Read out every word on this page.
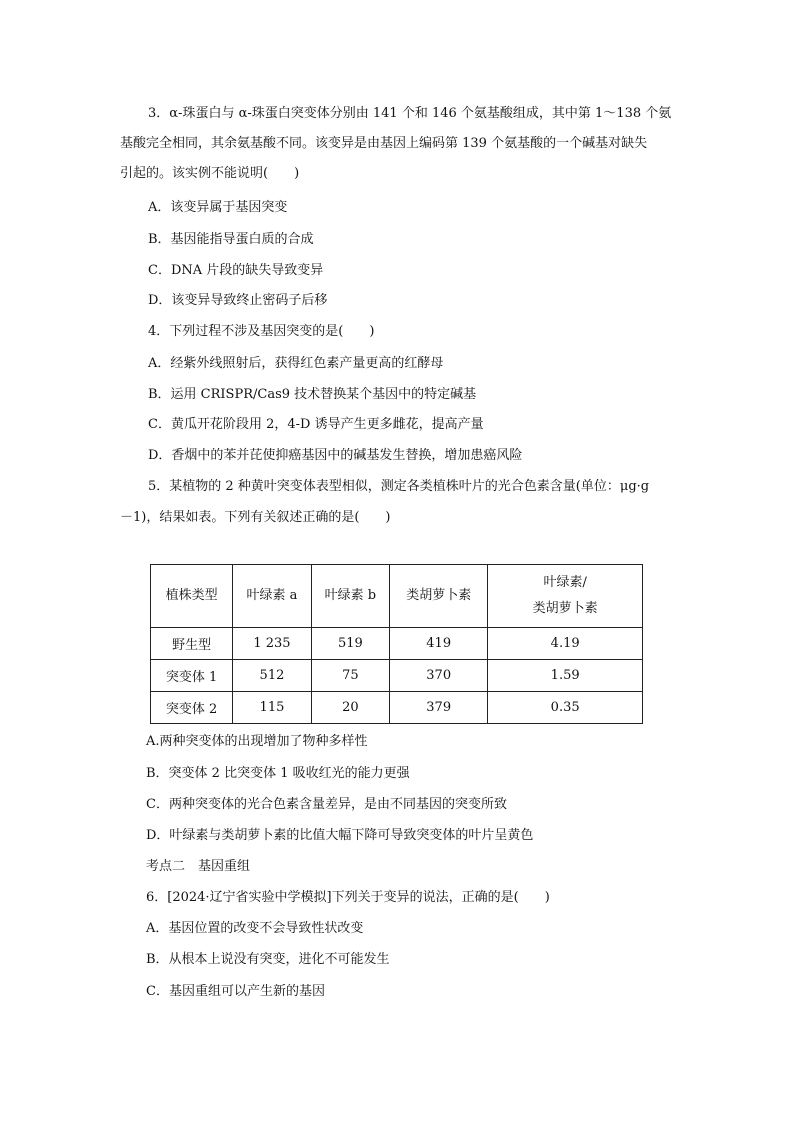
3．α-珠蛋白与 α-珠蛋白突变体分别由 141 个和 146 个氨基酸组成，其中第 1～138 个氨
基酸完全相同，其余氨基酸不同。该变异是由基因上编码第 139 个氨基酸的一个碱基对缺失
引起的。该实例不能说明(　　)
A．该变异属于基因突变
B．基因能指导蛋白质的合成
C．DNA 片段的缺失导致变异
D．该变异导致终止密码子后移
4．下列过程不涉及基因突变的是(　　)
A．经紫外线照射后，获得红色素产量更高的红酵母
B．运用 CRISPR/Cas9 技术替换某个基因中的特定碱基
C．黄瓜开花阶段用 2，4-D 诱导产生更多雌花，提高产量
D．香烟中的苯并芘使抑癌基因中的碱基发生替换，增加患癌风险
5．某植物的 2 种黄叶突变体表型相似，测定各类植株叶片的光合色素含量(单位：μg·g
－1)，结果如表。下列有关叙述正确的是(　　)
植株类型	叶绿素 a	叶绿素 b	类胡萝卜素	叶绿素/
类胡萝卜素
野生型	1 235	519	419	4.19
突变体 1	512	75	370	1.59
突变体 2	115	20	379	0.35
A.两种突变体的出现增加了物种多样性
B．突变体 2 比突变体 1 吸收红光的能力更强
C．两种突变体的光合色素含量差异，是由不同基因的突变所致
D．叶绿素与类胡萝卜素的比值大幅下降可导致突变体的叶片呈黄色
考点二　基因重组
6．[2024·辽宁省实验中学模拟]下列关于变异的说法，正确的是(　　)
A．基因位置的改变不会导致性状改变
B．从根本上说没有突变，进化不可能发生
C．基因重组可以产生新的基因
